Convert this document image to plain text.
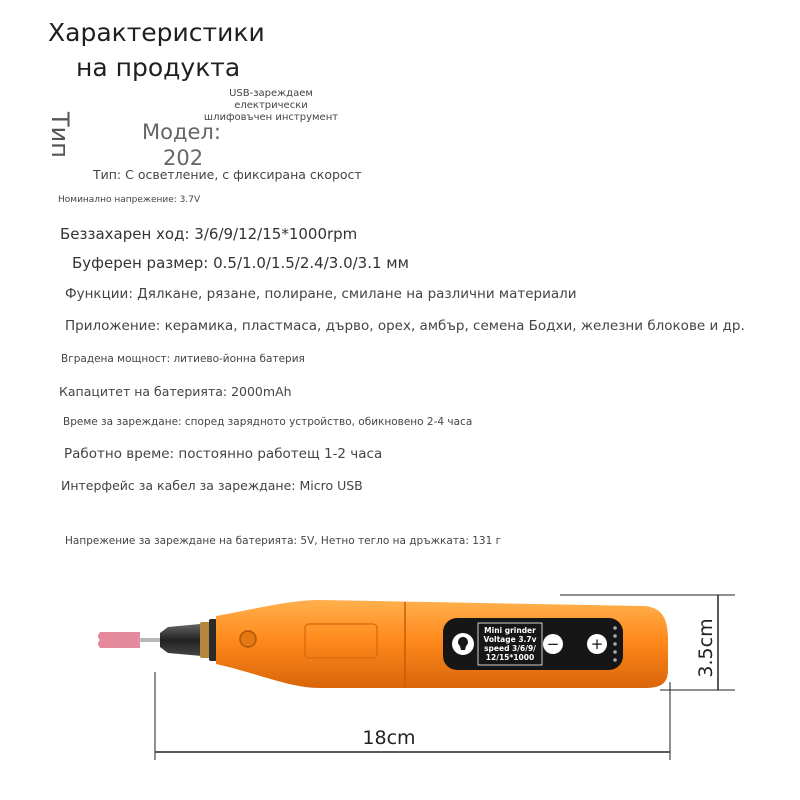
Характеристики
на продукта
Тип
USB-зареждаем
електрически
шлифовъчен инструмент
Модел:
202
Тип: С осветление, с фиксирана скорост
Номинално напрежение: 3.7V
Беззахарен ход: 3/6/9/12/15*1000rpm
Буферен размер: 0.5/1.0/1.5/2.4/3.0/3.1 мм
Функции: Дялкане, рязане, полиране, смилане на различни материали
Приложение: керамика, пластмаса, дърво, орех, амбър, семена Бодхи, железни блокове и др.
Вградена мощност: литиево-йонна батерия
Капацитет на батерията: 2000mAh
Време за зареждане: според зарядното устройство, обикновено 2-4 часа
Работно време: постоянно работещ 1-2 часа
Интерфейс за кабел за зареждане: Micro USB
Напрежение за зареждане на батерията: 5V, Нетно тегло на дръжката: 131 г
− +
Mini grinder
Voltage 3.7v
speed 3/6/9/
12/15*1000	3.5cm
18cm
